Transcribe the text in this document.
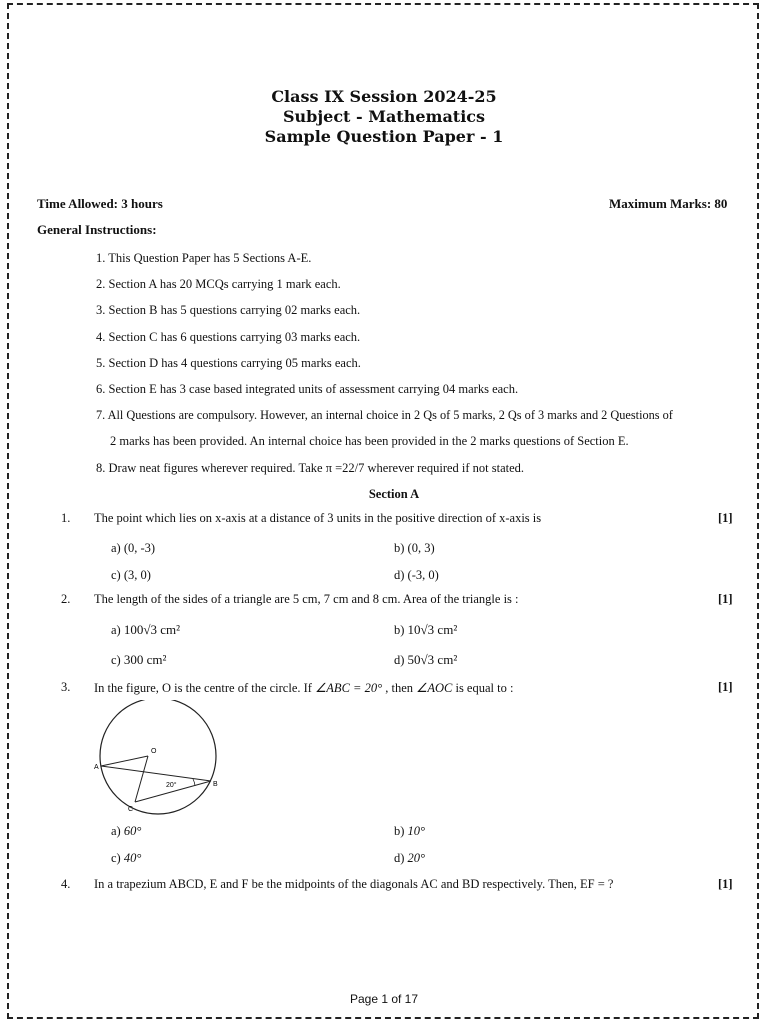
Class IX Session 2024-25
Subject - Mathematics
Sample Question Paper - 1
Time Allowed: 3 hours	Maximum Marks: 80
General Instructions:
1. This Question Paper has 5 Sections A-E.
2. Section A has 20 MCQs carrying 1 mark each.
3. Section B has 5 questions carrying 02 marks each.
4. Section C has 6 questions carrying 03 marks each.
5. Section D has 4 questions carrying 05 marks each.
6. Section E has 3 case based integrated units of assessment carrying 04 marks each.
7. All Questions are compulsory. However, an internal choice in 2 Qs of 5 marks, 2 Qs of 3 marks and 2 Questions of
2 marks has been provided. An internal choice has been provided in the 2 marks questions of Section E.
8. Draw neat figures wherever required. Take π =22/7 wherever required if not stated.
Section A
1. The point which lies on x-axis at a distance of 3 units in the positive direction of x-axis is	[1]
a) (0, -3)	b) (0, 3)
c) (3, 0)	d) (-3, 0)
2. The length of the sides of a triangle are 5 cm, 7 cm and 8 cm. Area of the triangle is :	[1]
a) 100√3 cm²	b) 10√3 cm²
c) 300 cm²	d) 50√3 cm²
3. In the figure, O is the centre of the circle. If ∠ABC = 20° , then ∠AOC is equal to :	[1]
O
A
B
C
20°
a) 60°	b) 10°
c) 40°	d) 20°
4. In a trapezium ABCD, E and F be the midpoints of the diagonals AC and BD respectively. Then, EF = ?	[1]
Page 1 of 17
